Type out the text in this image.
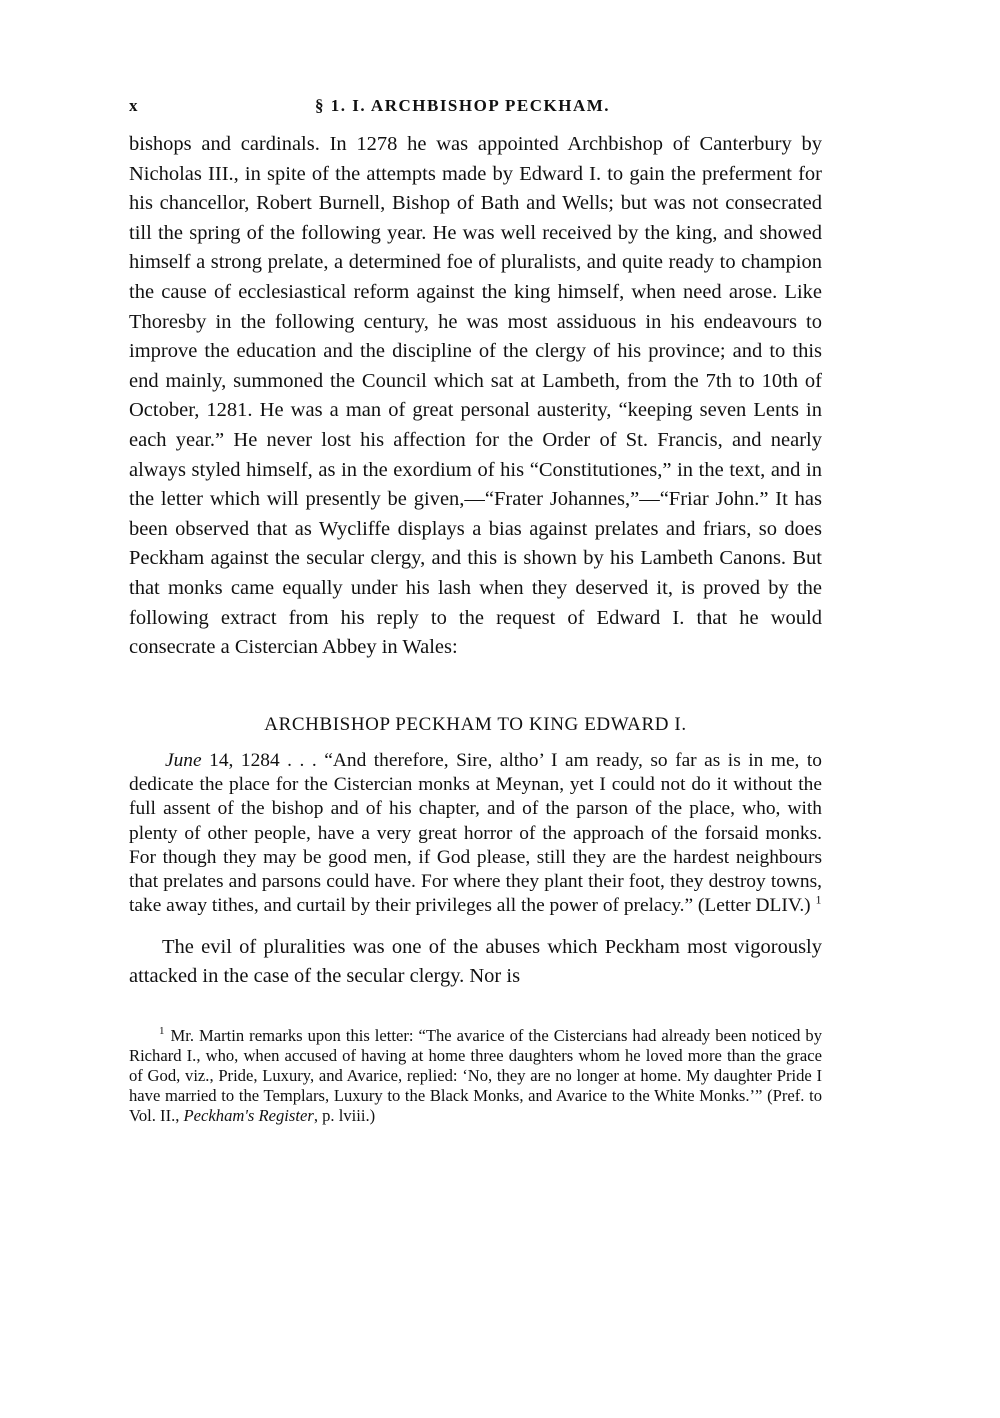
x	§ 1. I. ARCHBISHOP PECKHAM.

bishops and cardinals. In 1278 he was appointed Archbishop of Canterbury by Nicholas III., in spite of the attempts made by Edward I. to gain the preferment for his chancellor, Robert Burnell, Bishop of Bath and Wells; but was not consecrated till the spring of the following year. He was well received by the king, and showed himself a strong prelate, a determined foe of pluralists, and quite ready to champion the cause of ecclesiastical reform against the king himself, when need arose. Like Thoresby in the following century, he was most assiduous in his endeavours to improve the education and the discipline of the clergy of his province; and to this end mainly, summoned the Council which sat at Lambeth, from the 7th to 10th of October, 1281. He was a man of great personal austerity, “keeping seven Lents in each year.” He never lost his affection for the Order of St. Francis, and nearly always styled himself, as in the exordium of his “Constitutiones,” in the text, and in the letter which will presently be given,—“Frater Johannes,”—“Friar John.” It has been observed that as Wycliffe displays a bias against prelates and friars, so does Peckham against the secular clergy, and this is shown by his Lambeth Canons. But that monks came equally under his lash when they deserved it, is proved by the following extract from his reply to the request of Edward I. that he would consecrate a Cistercian Abbey in Wales:

ARCHBISHOP PECKHAM TO KING EDWARD I.

June 14, 1284 . . . “And therefore, Sire, altho’ I am ready, so far as is in me, to dedicate the place for the Cistercian monks at Meynan, yet I could not do it without the full assent of the bishop and of his chapter, and of the parson of the place, who, with plenty of other people, have a very great horror of the approach of the forsaid monks. For though they may be good men, if God please, still they are the hardest neighbours that prelates and parsons could have. For where they plant their foot, they destroy towns, take away tithes, and curtail by their privileges all the power of prelacy.” (Letter DLIV.) $^1$

The evil of pluralities was one of the abuses which Peckham most vigorously attacked in the case of the secular clergy. Nor is

$^1$ Mr. Martin remarks upon this letter: “The avarice of the Cistercians had already been noticed by Richard I., who, when accused of having at home three daughters whom he loved more than the grace of God, viz., Pride, Luxury, and Avarice, replied: ‘No, they are no longer at home. My daughter Pride I have married to the Templars, Luxury to the Black Monks, and Avarice to the White Monks.’” (Pref. to Vol. II., Peckham's Register, p. lviii.)
